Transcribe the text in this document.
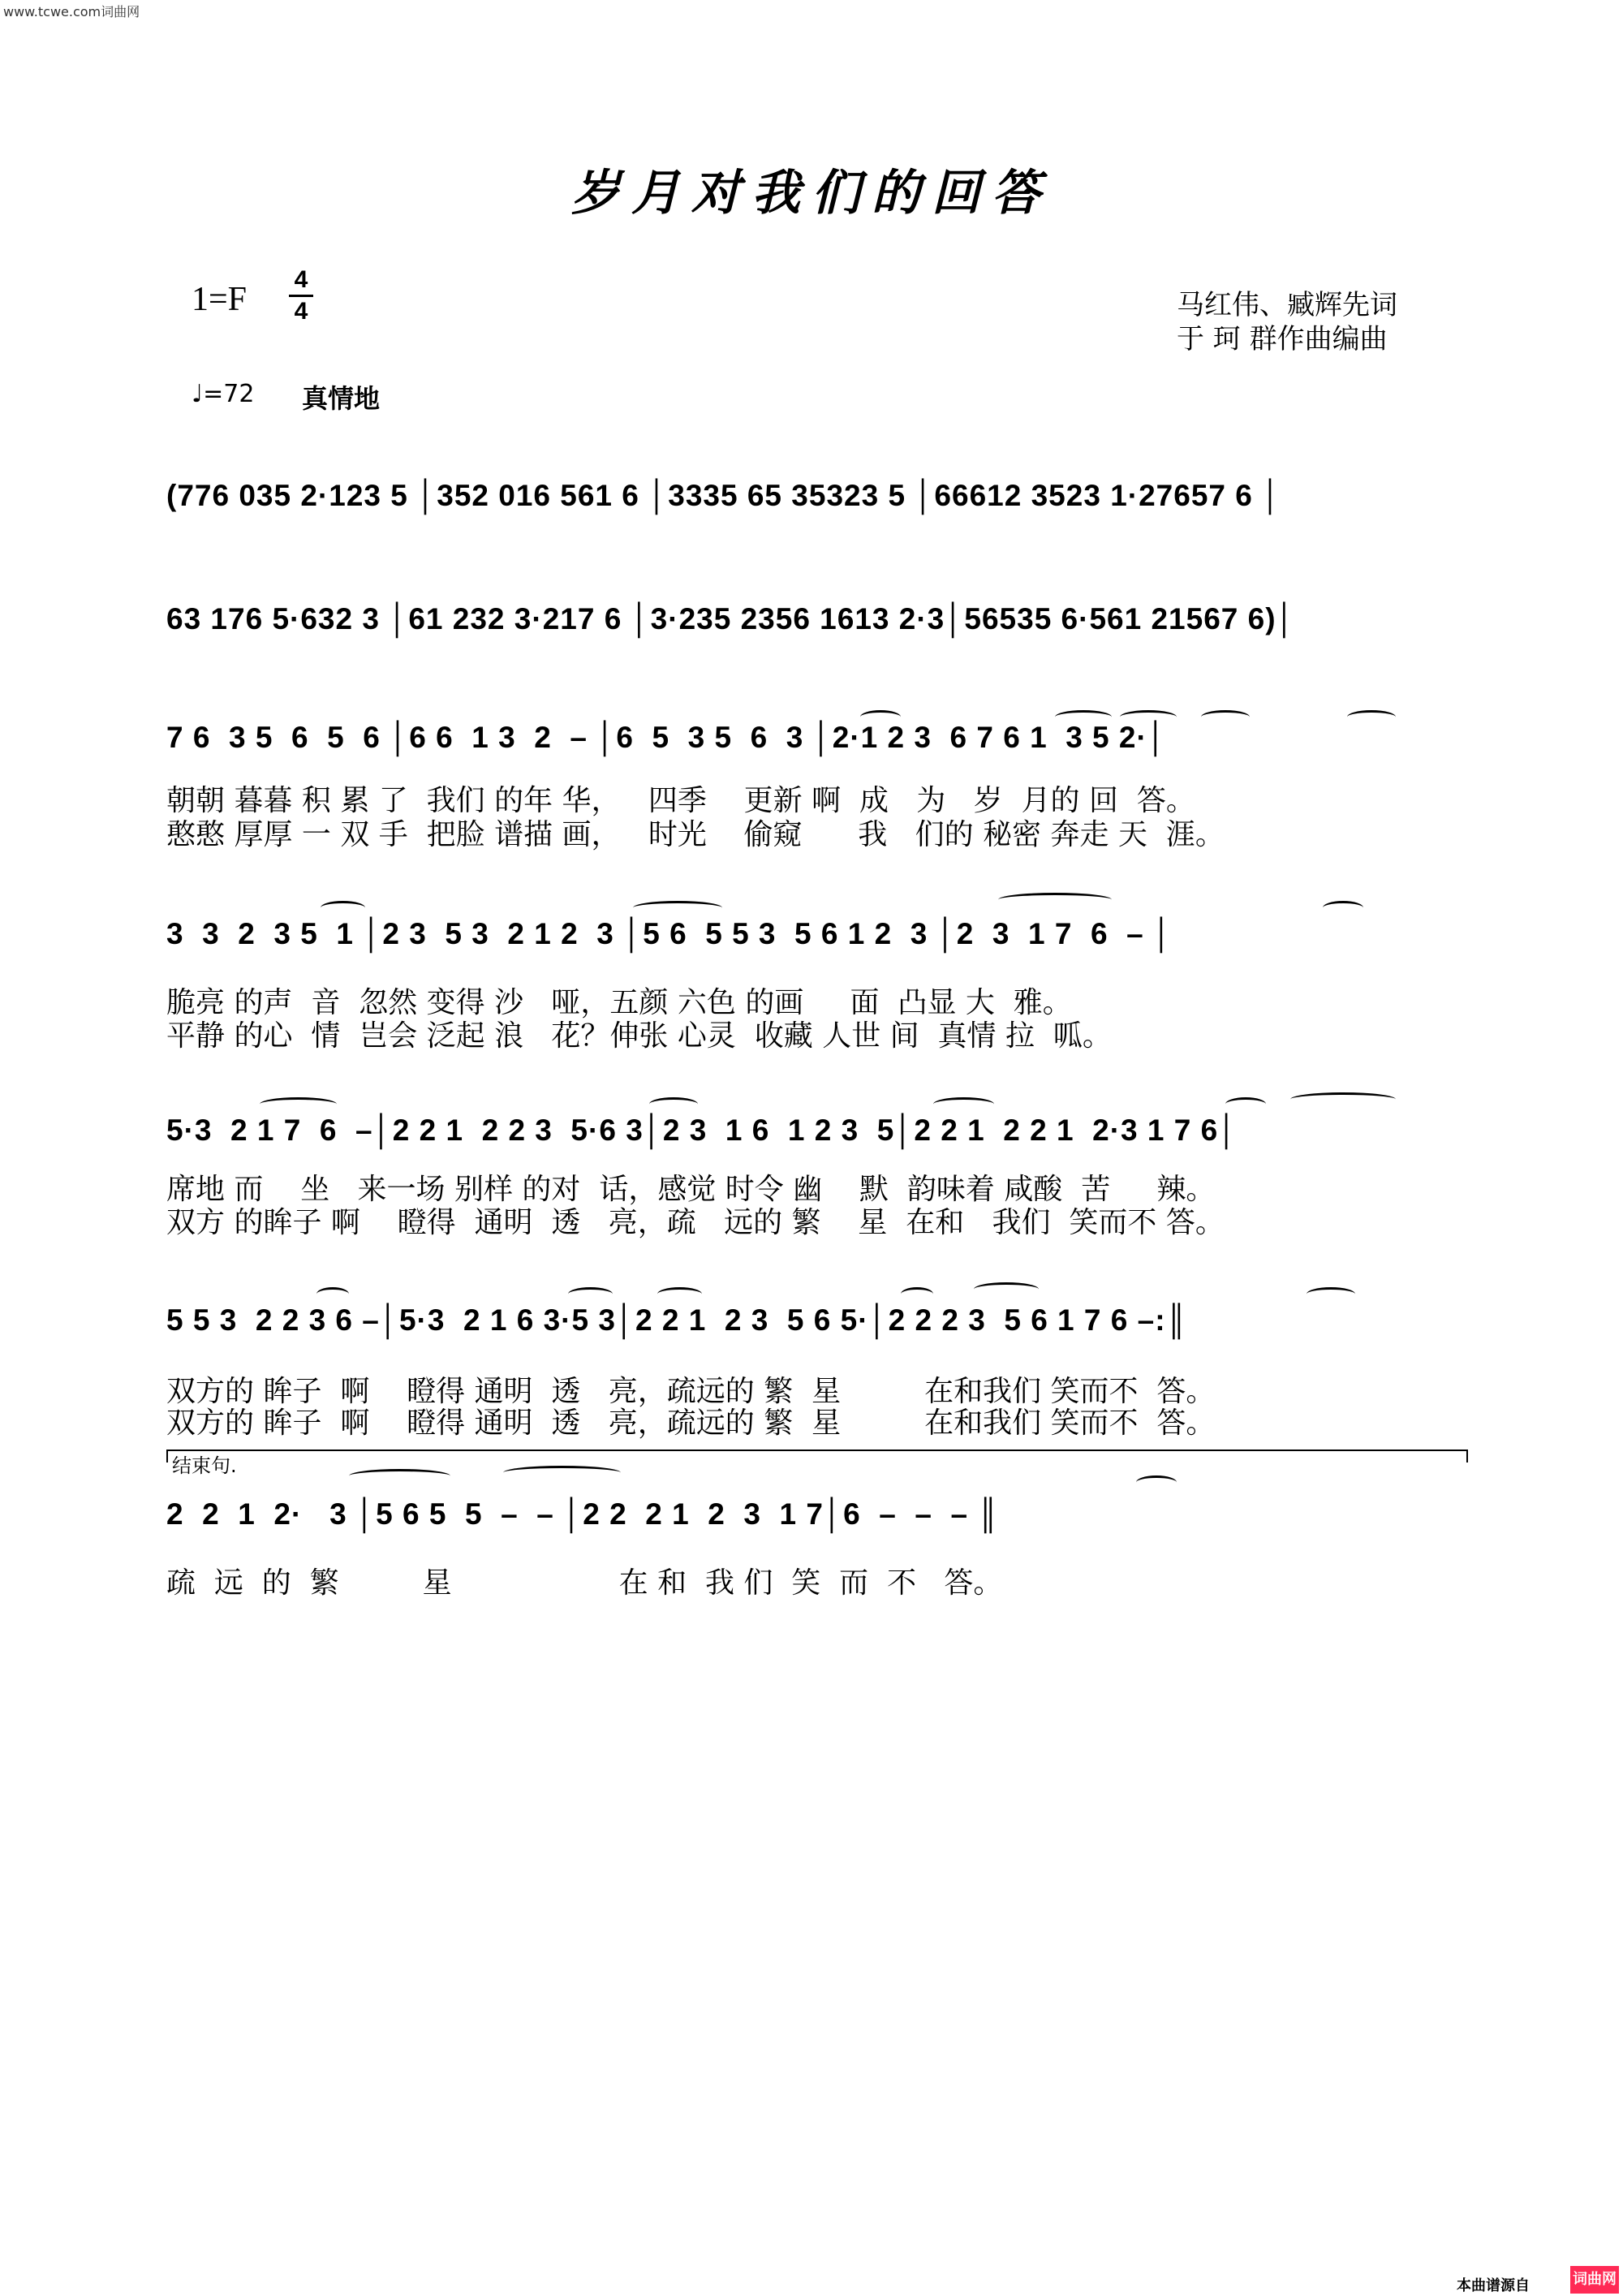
www.tcwe.com词曲网
岁月对我们的回答
1=F
4
4	马红伟、臧辉先词
于 珂 群作曲编曲
♩=72 真情地
(776 035 2·123 5 │352 016 561 6 │3335 65 35323 5 │66612 3523 1·27657 6 │
63 176 5·632 3 │61 232 3·217 6 │3·235 2356 1613 2·3│56535 6·561 21567 6)│
7 6  3 5  6  5  6 │6 6  1 3  2  – │6  5  3 5  6  3 │2·1 2 3  6 7 6 1  3 5 2·│
朝朝 暮暮 积 累 了  我们 的年 华，   四季    更新 啊  成   为   岁  月的 回  答。
憨憨 厚厚 一 双 手  把脸 谱描 画，   时光    偷窥      我   们的 秘密 奔走 天  涯。
3  3  2  3 5  1 │2 3  5 3  2 1 2  3 │5 6  5 5 3  5 6 1 2  3 │2  3  1 7  6  – │
脆亮 的声  音  忽然 变得 沙   哑，五颜 六色 的画     面  凸显 大  雅。
平静 的心  情  岂会 泛起 浪   花？伸张 心灵  收藏 人世 间  真情 拉  呱。
5·3  2 1 7  6  –│2 2 1  2 2 3  5·6 3│2 3  1 6  1 2 3  5│2 2 1  2 2 1  2·3 1 7 6│
席地 而    坐   来一场 别样 的对  话，感觉 时令 幽    默  韵味着 咸酸  苦     辣。
双方 的眸子 啊    瞪得  通明  透   亮，疏   远的 繁    星  在和   我们  笑而不 答。
5 5 3  2 2 3 6 –│5·3  2 1 6 3·5 3│2 2 1  2 3  5 6 5·│2 2 2 3  5 6 1 7 6 –:║
双方的 眸子  啊    瞪得 通明  透   亮，疏远的 繁  星         在和我们 笑而不  答。
双方的 眸子  啊    瞪得 通明  透   亮，疏远的 繁  星         在和我们 笑而不  答。
结束句.
2  2  1  2·   3 │5 6 5  5  –  – │2 2  2 1  2  3  1 7│6  –  –  – ║
疏  远  的  繁         星                  在 和  我 们  笑  而  不   答。
本曲谱源自	词曲网
